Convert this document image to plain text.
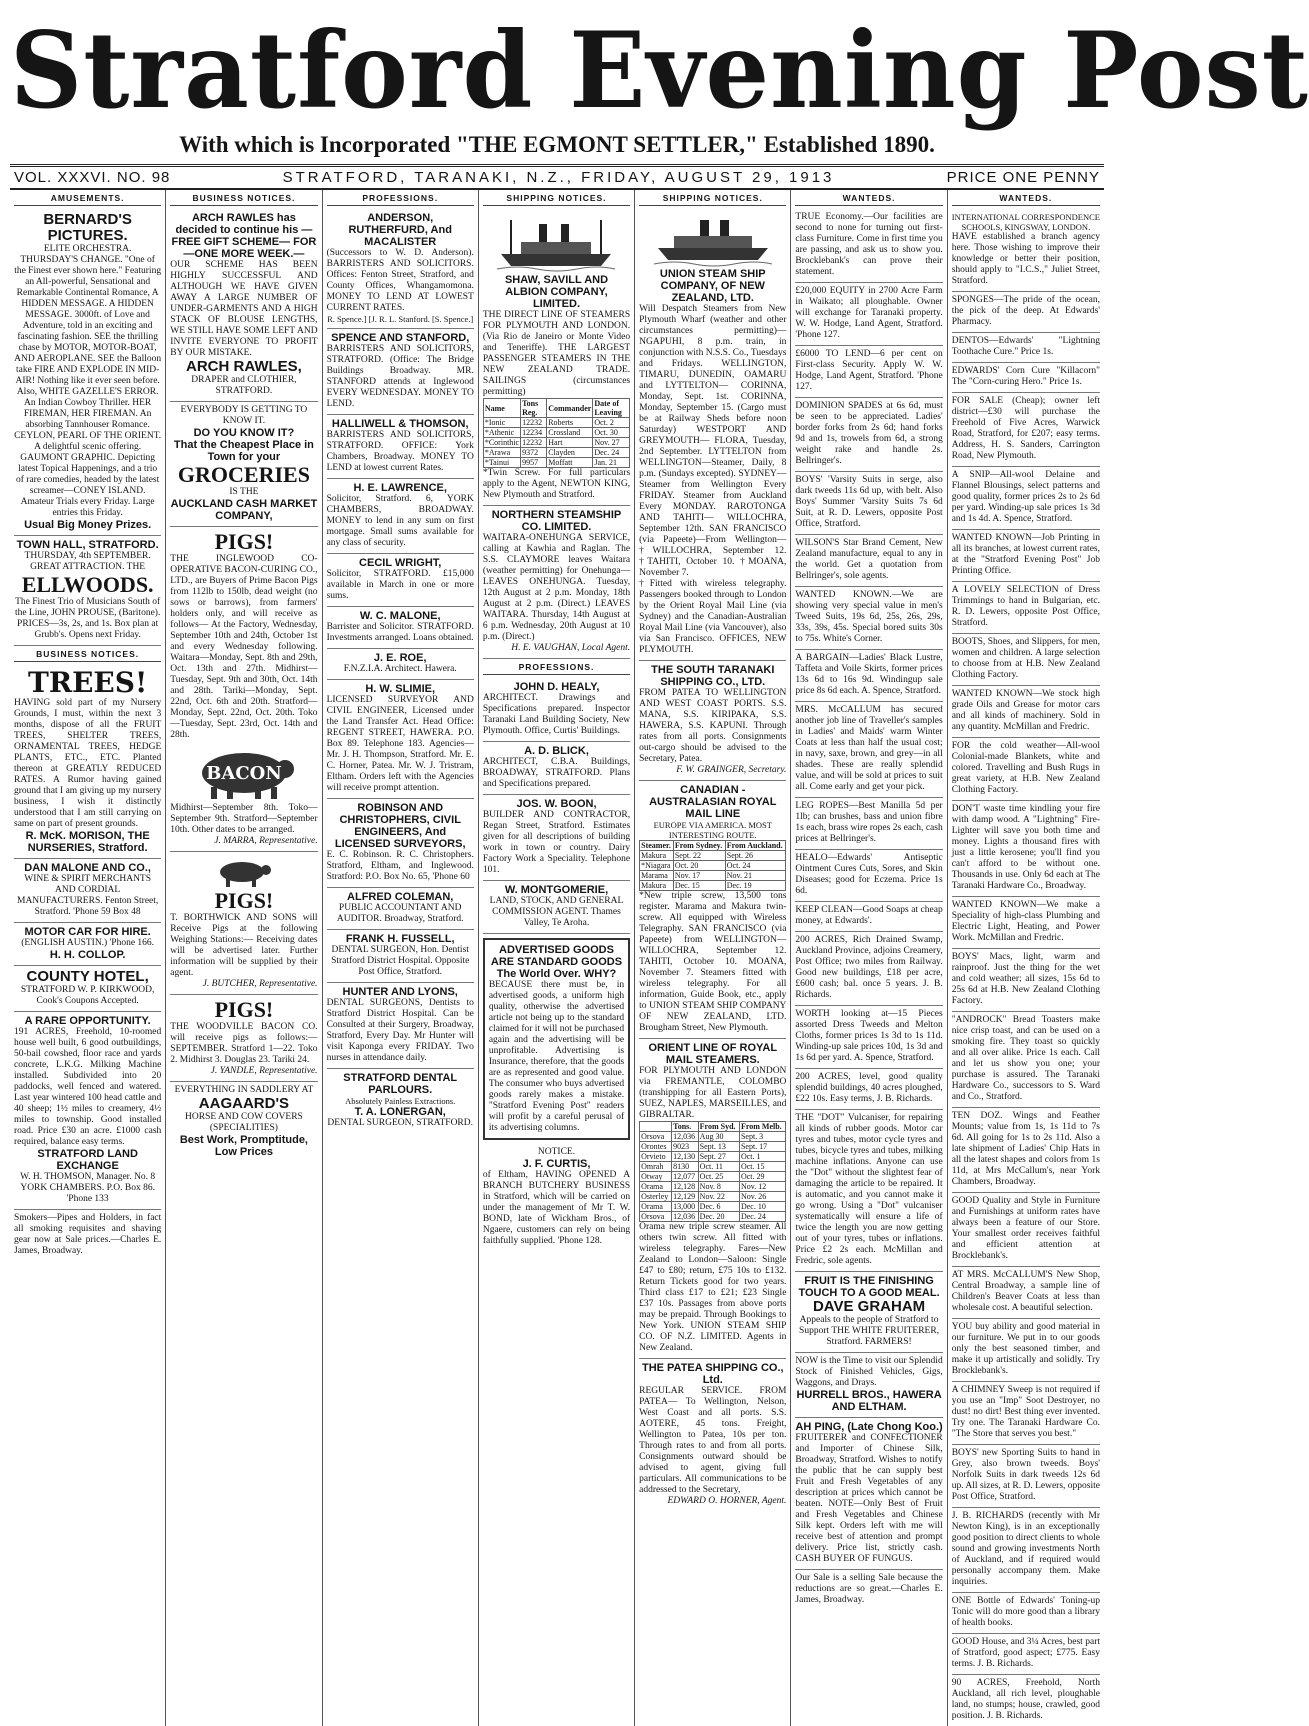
Stratford Evening Post
With which is Incorporated "THE EGMONT SETTLER," Established 1890.
VOL. XXXVI. NO. 98	STRATFORD, TARANAKI, N.Z., FRIDAY, AUGUST 29, 1913	PRICE ONE PENNY
AMUSEMENTS.
BERNARD'S PICTURES.
ELITE ORCHESTRA. THURSDAY'S CHANGE. "One of the Finest ever shown here." Featuring an All-powerful, Sensational and Remarkable Continental Romance, A HIDDEN MESSAGE. A HIDDEN MESSAGE. 3000ft. of Love and Adventure, told in an exciting and fascinating fashion. SEE the thrilling chase by MOTOR, MOTOR-BOAT, AND AEROPLANE. SEE the Balloon take FIRE AND EXPLODE IN MID-AIR! Nothing like it ever seen before. Also, WHITE GAZELLE'S ERROR. An Indian Cowboy Thriller. HER FIREMAN, HER FIREMAN. An absorbing Tannhouser Romance. CEYLON, PEARL OF THE ORIENT. A delightful scenic offering. GAUMONT GRAPHIC. Depicting latest Topical Happenings, and a trio of rare comedies, headed by the latest screamer—CONEY ISLAND. Amateur Trials every Friday. Large entries this Friday.
Usual Big Money Prizes.
TOWN HALL, STRATFORD.
THURSDAY, 4th SEPTEMBER. GREAT ATTRACTION. THE
ELLWOODS.
The Finest Trio of Musicians South of the Line, JOHN PROUSE, (Baritone). PRICES—3s, 2s, and 1s. Box plan at Grubb's. Opens next Friday.
BUSINESS NOTICES.
TREES!
HAVING sold part of my Nursery Grounds, I must, within the next 3 months, dispose of all the FRUIT TREES, SHELTER TREES, ORNAMENTAL TREES, HEDGE PLANTS, ETC., ETC. Planted thereon at GREATLY REDUCED RATES. A Rumor having gained ground that I am giving up my nursery business, I wish it distinctly understood that I am still carrying on same on part of present grounds.
R. McK. MORISON, THE NURSERIES, Stratford.
DAN MALONE AND CO.,
WINE & SPIRIT MERCHANTS AND CORDIAL MANUFACTURERS. Fenton Street, Stratford. 'Phone 59 Box 48
MOTOR CAR FOR HIRE.
(ENGLISH AUSTIN.) 'Phone 166.
H. H. COLLOP.
COUNTY HOTEL,
STRATFORD W. P. KIRKWOOD, Cook's Coupons Accepted.
A RARE OPPORTUNITY.
191 ACRES, Freehold, 10-roomed house well built, 6 good outbuildings, 50-bail cowshed, floor race and yards concrete, L.K.G. Milking Machine installed. Subdivided into 20 paddocks, well fenced and watered. Last year wintered 100 head cattle and 40 sheep; 1½ miles to creamery, 4½ miles to township. Good installed road. Price £30 an acre. £1000 cash required, balance easy terms.
STRATFORD LAND EXCHANGE
W. H. THOMSON, Manager. No. 8 YORK CHAMBERS. P.O. Box 86. 'Phone 133
Smokers—Pipes and Holders, in fact all smoking requisites and shaving gear now at Sale prices.—Charles E. James, Broadway.
BUSINESS NOTICES.
ARCH RAWLES has decided to continue his —FREE GIFT SCHEME— FOR —ONE MORE WEEK.—
OUR SCHEME HAS BEEN HIGHLY SUCCESSFUL AND ALTHOUGH WE HAVE GIVEN AWAY A LARGE NUMBER OF UNDER-GARMENTS AND A HIGH STACK OF BLOUSE LENGTHS, WE STILL HAVE SOME LEFT AND INVITE EVERYONE TO PROFIT BY OUR MISTAKE.
ARCH RAWLES,
DRAPER and CLOTHIER, STRATFORD.
EVERYBODY IS GETTING TO KNOW IT.
DO YOU KNOW IT?
That the Cheapest Place in Town for your
GROCERIES
IS THE
AUCKLAND CASH MARKET COMPANY,
PIGS!
THE INGLEWOOD CO-OPERATIVE BACON-CURING CO., LTD., are Buyers of Prime Bacon Pigs from 112lb to 150lb, dead weight (no sows or barrows), from farmers' holders only, and will receive as follows— At the Factory, Wednesday, September 10th and 24th, October 1st and every Wednesday following. Waitara—Monday, Sept. 8th and 29th, Oct. 13th and 27th. Midhirst—Tuesday, Sept. 9th and 30th, Oct. 14th and 28th. Tariki—Monday, Sept. 22nd, Oct. 6th and 20th. Stratford—Monday, Sept. 22nd, Oct. 20th. Toko—Tuesday, Sept. 23rd, Oct. 14th and 28th.
BACON
Midhirst—September 8th. Toko—September 9th. Stratford—September 10th. Other dates to be arranged.
J. MARRA, Representative.
PIGS!
T. BORTHWICK AND SONS will Receive Pigs at the following Weighing Stations:— Receiving dates will be advertised later. Further information will be supplied by their agent.
J. BUTCHER, Representative.
PIGS!
THE WOODVILLE BACON CO. will receive pigs as follows:— SEPTEMBER. Stratford 1—22. Toko 2. Midhirst 3. Douglas 23. Tariki 24.
J. YANDLE, Representative.
EVERYTHING IN SADDLERY AT
AAGAARD'S
HORSE AND COW COVERS (SPECIALITIES)
Best Work, Promptitude, Low Prices
PROFESSIONS.
ANDERSON, RUTHERFURD, And MACALISTER
(Successors to W. D. Anderson). BARRISTERS AND SOLICITORS. Offices: Fenton Street, Stratford, and County Offices, Whangamomona. MONEY TO LEND AT LOWEST CURRENT RATES.
R. Spence.] [J. R. L. Stanford. [S. Spence.]
SPENCE AND STANFORD,
BARRISTERS AND SOLICITORS, STRATFORD. (Office: The Bridge Buildings Broadway. MR. STANFORD attends at Inglewood EVERY WEDNESDAY. MONEY TO LEND.
HALLIWELL & THOMSON,
BARRISTERS AND SOLICITORS, STRATFORD. OFFICE: York Chambers, Broadway. MONEY TO LEND at lowest current Rates.
H. E. LAWRENCE,
Solicitor, Stratford. 6, YORK CHAMBERS, BROADWAY. MONEY to lend in any sum on first mortgage. Small sums available for any class of security.
CECIL WRIGHT,
Solicitor, STRATFORD. £15,000 available in March in one or more sums.
W. C. MALONE,
Barrister and Solicitor. STRATFORD. Investments arranged. Loans obtained.
J. E. ROE,
F.N.Z.I.A. Architect. Hawera.
H. W. SLIMIE,
LICENSED SURVEYOR AND CIVIL ENGINEER, Licensed under the Land Transfer Act. Head Office: REGENT STREET, HAWERA. P.O. Box 89. Telephone 183. Agencies— Mr. J. H. Thompson, Stratford. Mr. E. C. Horner, Patea. Mr. W. J. Tristram, Eltham. Orders left with the Agencies will receive prompt attention.
ROBINSON AND CHRISTOPHERS, CIVIL ENGINEERS, And LICENSED SURVEYORS,
E. C. Robinson. R. C. Christophers. Stratford, Eltham, and Inglewood. Stratford: P.O. Box No. 65, 'Phone 60
ALFRED COLEMAN,
PUBLIC ACCOUNTANT AND AUDITOR. Broadway, Stratford.
FRANK H. FUSSELL,
DENTAL SURGEON, Hon. Dentist Stratford District Hospital. Opposite Post Office, Stratford.
HUNTER AND LYONS,
DENTAL SURGEONS, Dentists to Stratford District Hospital. Can be Consulted at their Surgery, Broadway, Stratford, Every Day. Mr Hunter will visit Kaponga every FRIDAY. Two nurses in attendance daily.
STRATFORD DENTAL PARLOURS.
Absolutely Painless Extractions.
T. A. LONERGAN,
DENTAL SURGEON, STRATFORD.
SHIPPING NOTICES.
SHAW, SAVILL AND ALBION COMPANY, LIMITED.
THE DIRECT LINE OF STEAMERS FOR PLYMOUTH AND LONDON. (Via Rio de Janeiro or Monte Video and Teneriffe). THE LARGEST PASSENGER STEAMERS IN THE NEW ZEALAND TRADE. SAILINGS (circumstances permitting)
Name	Tons Reg.	Commander	Date of Leaving
*Ionic	12232	Roberts	Oct. 2
*Athenic	12234	Crossland	Oct. 30
*Corinthic	12232	Hart	Nov. 27
*Arawa	9372	Clayden	Dec. 24
*Tainui	9957	Moffatt	Jan. 21
*Twin Screw. For full particulars apply to the Agent, NEWTON KING, New Plymouth and Stratford.
NORTHERN STEAMSHIP CO. LIMITED.
WAITARA-ONEHUNGA SERVICE, calling at Kawhia and Raglan. The S.S. CLAYMORE leaves Waitara (weather permitting) for Onehunga— LEAVES ONEHUNGA. Tuesday, 12th August at 2 p.m. Monday, 18th August at 2 p.m. (Direct.) LEAVES WAITARA. Thursday, 14th August at 6 p.m. Wednesday, 20th August at 10 p.m. (Direct.)
H. E. VAUGHAN, Local Agent.
PROFESSIONS.
JOHN D. HEALY,
ARCHITECT. Drawings and Specifications prepared. Inspector Taranaki Land Building Society, New Plymouth. Office, Curtis' Buildings.
A. D. BLICK,
ARCHITECT, C.B.A. Buildings, BROADWAY, STRATFORD. Plans and Specifications prepared.
JOS. W. BOON,
BUILDER AND CONTRACTOR, Regan Street, Stratford. Estimates given for all descriptions of building work in town or country. Dairy Factory Work a Speciality. Telephone 101.
W. MONTGOMERIE,
LAND, STOCK, AND GENERAL COMMISSION AGENT. Thames Valley, Te Aroha.
ADVERTISED GOODS ARE STANDARD GOODS
The World Over. WHY?
BECAUSE there must be, in advertised goods, a uniform high quality, otherwise the advertised article not being up to the standard claimed for it will not be purchased again and the advertising will be unprofitable. Advertising is Insurance, therefore, that the goods are as represented and good value. The consumer who buys advertised goods rarely makes a mistake. "Stratford Evening Post" readers will profit by a careful perusal of its advertising columns.
NOTICE.
J. F. CURTIS,
of Eltham, HAVING OPENED A BRANCH BUTCHERY BUSINESS in Stratford, which will be carried on under the management of Mr T. W. BOND, late of Wickham Bros., of Ngaere, customers can rely on being faithfully supplied. 'Phone 128.
SHIPPING NOTICES.
UNION STEAM SHIP COMPANY, OF NEW ZEALAND, LTD.
Will Despatch Steamers from New Plymouth Wharf (weather and other circumstances permitting)— NGAPUHI, 8 p.m. train, in conjunction with N.S.S. Co., Tuesdays and Fridays. WELLINGTON, TIMARU, DUNEDIN, OAMARU and LYTTELTON— CORINNA, Monday, Sept. 1st. CORINNA, Monday, September 15. (Cargo must be at Railway Sheds before noon Saturday) WESTPORT AND GREYMOUTH— FLORA, Tuesday, 2nd September. LYTTELTON from WELLINGTON—Steamer, Daily, 8 p.m. (Sundays excepted). SYDNEY—Steamer from Wellington Every FRIDAY. Steamer from Auckland Every MONDAY. RAROTONGA AND TAHITI— WILLOCHRA, September 12th. SAN FRANCISCO (via Papeete)—From Wellington— †WILLOCHRA, September 12. †TAHITI, October 10. †MOANA, November 7.
†Fitted with wireless telegraphy. Passengers booked through to London by the Orient Royal Mail Line (via Sydney) and the Canadian-Australian Royal Mail Line (via Vancouver), also via San Francisco. OFFICES, NEW PLYMOUTH.
THE SOUTH TARANAKI SHIPPING CO., LTD.
FROM PATEA TO WELLINGTON AND WEST COAST PORTS. S.S. MANA, S.S. KIRIPAKA, S.S. HAWERA, S.S. KAPUNI. Through rates from all ports. Consignments out-cargo should be advised to the Secretary, Patea.
F. W. GRAINGER, Secretary.
CANADIAN - AUSTRALASIAN ROYAL MAIL LINE
EUROPE VIA AMERICA. MOST INTERESTING ROUTE.
Steamer.	From Sydney.	From Auckland.
Makura	Sept. 22	Sept. 26
*Niagara	Oct. 20	Oct. 24
Marama	Nov. 17	Nov. 21
Makura	Dec. 15	Dec. 19
*New triple screw, 13,500 tons register. Marama and Makura twin-screw. All equipped with Wireless Telegraphy. SAN FRANCISCO (via Papeete) from WELLINGTON— WILLOCHRA, September 12. TAHITI, October 10. MOANA, November 7. Steamers fitted with wireless telegraphy. For all information, Guide Book, etc., apply to UNION STEAM SHIP COMPANY OF NEW ZEALAND, LTD. Brougham Street, New Plymouth.
ORIENT LINE OF ROYAL MAIL STEAMERS.
FOR PLYMOUTH AND LONDON via FREMANTLE, COLOMBO (transhipping for all Eastern Ports), SUEZ, NAPLES, MARSEILLES, and GIBRALTAR.
	Tons.	From Syd.	From Melb.
Orsova	12,036	Aug 30	Sept. 3
Orontes	9023	Sept. 13	Sept. 17
Orvieto	12,130	Sept. 27	Oct. 1
Omrah	8130	Oct. 11	Oct. 15
Otway	12,077	Oct. 25	Oct. 29
Orama	12,128	Nov. 8	Nov. 12
Osterley	12,129	Nov. 22	Nov. 26
Orama	13,000	Dec. 6	Dec. 10
Orsova	12,036	Dec. 20	Dec. 24
Orama new triple screw steamer. All others twin screw. All fitted with wireless telegraphy. Fares—New Zealand to London—Saloon: Single £47 to £80; return, £75 10s to £132. Return Tickets good for two years. Third class £17 to £21; £23 Single £37 10s. Passages from above ports may be prepaid. Through Bookings to New York. UNION STEAM SHIP CO. OF N.Z. LIMITED. Agents in New Zealand.
THE PATEA SHIPPING CO., Ltd.
REGULAR SERVICE. FROM PATEA— To Wellington, Nelson, West Coast and all ports. S.S. AOTERE, 45 tons. Freight, Wellington to Patea, 10s per ton. Through rates to and from all ports. Consignments outward should be advised to agent, giving full particulars. All communications to be addressed to the Secretary,
EDWARD O. HORNER, Agent.
WANTEDS.
TRUE Economy.—Our facilities are second to none for turning out first-class Furniture. Come in first time you are passing, and ask us to show you. Brocklebank's can prove their statement.
£20,000 EQUITY in 2700 Acre Farm in Waikato; all ploughable. Owner will exchange for Taranaki property. W. W. Hodge, Land Agent, Stratford. 'Phone 127.
£6000 TO LEND—6 per cent on First-class Security. Apply W. W. Hodge, Land Agent, Stratford. 'Phone 127.
DOMINION SPADES at 6s 6d, must be seen to be appreciated. Ladies' border forks from 2s 6d; hand forks 9d and 1s, trowels from 6d, a strong weight rake and handle 2s. Bellringer's.
BOYS' 'Varsity Suits in serge, also dark tweeds 11s 6d up, with belt. Also Boys' Summer 'Varsity Suits 7s 6d Suit, at R. D. Lewers, opposite Post Office, Stratford.
WILSON'S Star Brand Cement, New Zealand manufacture, equal to any in the world. Get a quotation from Bellringer's, sole agents.
WANTED KNOWN.—We are showing very special value in men's Tweed Suits, 19s 6d, 25s, 26s, 29s, 33s, 39s, 45s. Special bored suits 30s to 75s. White's Corner.
A BARGAIN—Ladies' Black Lustre, Taffeta and Voile Skirts, former prices 13s 6d to 16s 9d. Windingup sale price 8s 6d each. A. Spence, Stratford.
MRS. McCALLUM has secured another job line of Traveller's samples in Ladies' and Maids' warm Winter Coats at less than half the usual cost; in navy, saxe, brown, and grey—in all shades. These are really splendid value, and will be sold at prices to suit all. Come early and get your pick.
LEG ROPES—Best Manilla 5d per 1lb; can brushes, bass and union fibre 1s each, brass wire ropes 2s each, cash prices at Bellringer's.
HEALO—Edwards' Antiseptic Ointment Cures Cuts, Sores, and Skin Diseases; good for Eczema. Price 1s 6d.
KEEP CLEAN—Good Soaps at cheap money, at Edwards'.
200 ACRES, Rich Drained Swamp, Auckland Province, adjoins Creamery, Post Office; two miles from Railway. Good new buildings, £18 per acre, £600 cash; bal. once 5 years. J. B. Richards.
WORTH looking at—15 Pieces assorted Dress Tweeds and Melton Cloths, former prices 1s 3d to 1s 11d. Winding-up sale prices 10d, 1s 3d and 1s 6d per yard. A. Spence, Stratford.
200 ACRES, level, good quality splendid buildings, 40 acres ploughed, £22 10s. Easy terms, J. B. Richards.
THE "DOT" Vulcaniser, for repairing all kinds of rubber goods. Motor car tyres and tubes, motor cycle tyres and tubes, bicycle tyres and tubes, milking machine inflations. Anyone can use the "Dot" without the slightest fear of damaging the article to be repaired. It is automatic, and you cannot make it go wrong. Using a "Dot" vulcaniser systematically will ensure a life of twice the length you are now getting out of your tyres, tubes or inflations. Price £2 2s each. McMillan and Fredric, sole agents.
FRUIT IS THE FINISHING TOUCH TO A GOOD MEAL.
DAVE GRAHAM
Appeals to the people of Stratford to Support THE WHITE FRUITERER, Stratford. FARMERS!
NOW is the Time to visit our Splendid Stock of Finished Vehicles, Gigs, Waggons, and Drays.
HURRELL BROS., HAWERA AND ELTHAM.
AH PING, (Late Chong Koo.)
FRUITERER and CONFECTIONER and Importer of Chinese Silk, Broadway, Stratford. Wishes to notify the public that he can supply best Fruit and Fresh Vegetables of any description at prices which cannot be beaten. NOTE—Only Best of Fruit and Fresh Vegetables and Chinese Silk kept. Orders left with me will receive best of attention and prompt delivery. Price list, strictly cash. CASH BUYER OF FUNGUS.
Our Sale is a selling Sale because the reductions are so great.—Charles E. James, Broadway.
WANTEDS.
INTERNATIONAL CORRESPONDENCE SCHOOLS, KINGSWAY, LONDON.
HAVE established a branch agency here. Those wishing to improve their knowledge or better their position, should apply to "I.C.S.," Juliet Street, Stratford.
SPONGES—The pride of the ocean, the pick of the deep. At Edwards' Pharmacy.
DENTOS—Edwards' "Lightning Toothache Cure." Price 1s.
EDWARDS' Corn Cure "Killacorn" The "Corn-curing Hero." Price 1s.
FOR SALE (Cheap); owner left district—£30 will purchase the Freehold of Five Acres, Warwick Road, Stratford, for £207; easy terms. Address, H. S. Sanders, Carrington Road, New Plymouth.
A SNIP—All-wool Delaine and Flannel Blousings, select patterns and good quality, former prices 2s to 2s 6d per yard. Winding-up sale prices 1s 3d and 1s 4d. A. Spence, Stratford.
WANTED KNOWN—Job Printing in all its branches, at lowest current rates, at the "Stratford Evening Post" Job Printing Office.
A LOVELY SELECTION of Dress Trimmings to hand in Bulgarian, etc. R. D. Lewers, opposite Post Office, Stratford.
BOOTS, Shoes, and Slippers, for men, women and children. A large selection to choose from at H.B. New Zealand Clothing Factory.
WANTED KNOWN—We stock high grade Oils and Grease for motor cars and all kinds of machinery. Sold in any quantity. McMillan and Fredric.
FOR the cold weather—All-wool Colonial-made Blankets, white and colored. Travelling and Bush Rugs in great variety, at H.B. New Zealand Clothing Factory.
DON'T waste time kindling your fire with damp wood. A "Lightning" Fire-Lighter will save you both time and money. Lights a thousand fires with just a little kerosene; you'll find you can't afford to be without one. Thousands in use. Only 6d each at The Taranaki Hardware Co., Broadway.
WANTED KNOWN—We make a Speciality of high-class Plumbing and Electric Light, Heating, and Power Work. McMillan and Fredric.
BOYS' Macs, light, warm and rainproof. Just the thing for the wet and cold weather; all sizes, 15s 6d to 25s 6d at H.B. New Zealand Clothing Factory.
"ANDROCK" Bread Toasters make nice crisp toast, and can be used on a smoking fire. They toast so quickly and all over alike. Price 1s each. Call and let us show you one; your purchase is assured. The Taranaki Hardware Co., successors to S. Ward and Co., Stratford.
TEN DOZ. Wings and Feather Mounts; value from 1s, 1s 11d to 7s 6d. All going for 1s to 2s 11d. Also a late shipment of Ladies' Chip Hats in all the latest shapes and colors from 1s 11d, at Mrs McCallum's, near York Chambers, Broadway.
GOOD Quality and Style in Furniture and Furnishings at uniform rates have always been a feature of our Store. Your smallest order receives faithful and efficient attention at Brocklebank's.
AT MRS. McCALLUM'S New Shop, Central Broadway, a sample line of Children's Beaver Coats at less than wholesale cost. A beautiful selection.
YOU buy ability and good material in our furniture. We put in to our goods only the best seasoned timber, and make it up artistically and solidly. Try Brocklebank's.
A CHIMNEY Sweep is not required if you use an "Imp" Soot Destroyer, no dust! no dirt! Best thing ever invented. Try one. The Taranaki Hardware Co. "The Store that serves you best."
BOYS' new Sporting Suits to hand in Grey, also brown tweeds. Boys' Norfolk Suits in dark tweeds 12s 6d up. All sizes, at R. D. Lewers, opposite Post Office, Stratford.
J. B. RICHARDS (recently with Mr Newton King), is in an exceptionally good position to direct clients to whole sound and growing investments North of Auckland, and if required would personally accompany them. Make inquiries.
ONE Bottle of Edwards' Toning-up Tonic will do more good than a library of health books.
GOOD House, and 3¼ Acres, best part of Stratford, good aspect; £775. Easy terms. J. B. Richards.
90 ACRES, Freehold, North Auckland, all rich level, ploughable land, no stumps; house, crawled, good position. J. B. Richards.
